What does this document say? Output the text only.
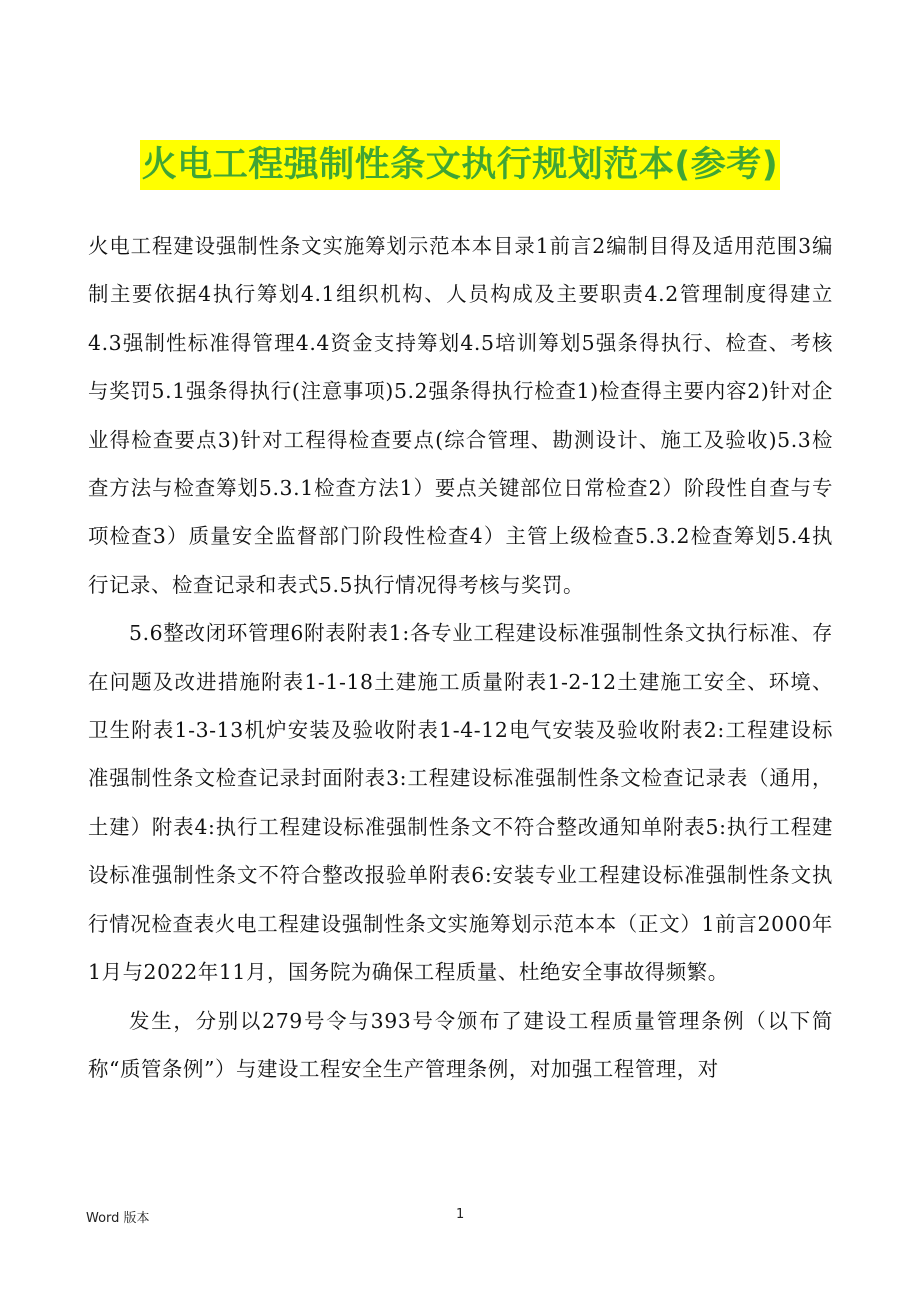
火电工程强制性条文执行规划范本(参考)

火电工程建设强制性条文实施筹划示范本本目录1前言2编制目得及适用范围3编制主要依据4执行筹划4.1组织机构、人员构成及主要职责4.2管理制度得建立4.3强制性标准得管理4.4资金支持筹划4.5培训筹划5强条得执行、检查、考核与奖罚5.1强条得执行(注意事项)5.2强条得执行检查1)检查得主要内容2)针对企业得检查要点3)针对工程得检查要点(综合管理、勘测设计、施工及验收)5.3检查方法与检查筹划5.3.1检查方法1）要点关键部位日常检查2）阶段性自查与专项检查3）质量安全监督部门阶段性检查4）主管上级检查5.3.2检查筹划5.4执行记录、检查记录和表式5.5执行情况得考核与奖罚。

5.6整改闭环管理6附表附表1:各专业工程建设标准强制性条文执行标准、存在问题及改进措施附表1-1-18土建施工质量附表1-2-12土建施工安全、环境、卫生附表1-3-13机炉安装及验收附表1-4-12电气安装及验收附表2:工程建设标准强制性条文检查记录封面附表3:工程建设标准强制性条文检查记录表（通用，土建）附表4:执行工程建设标准强制性条文不符合整改通知单附表5:执行工程建设标准强制性条文不符合整改报验单附表6:安装专业工程建设标准强制性条文执行情况检查表火电工程建设强制性条文实施筹划示范本本（正文）1前言2000年1月与2022年11月，国务院为确保工程质量、杜绝安全事故得频繁。

发生，分别以279号令与393号令颁布了建设工程质量管理条例（以下简称“质管条例”）与建设工程安全生产管理条例，对加强工程管理，对

Word 版本	1
